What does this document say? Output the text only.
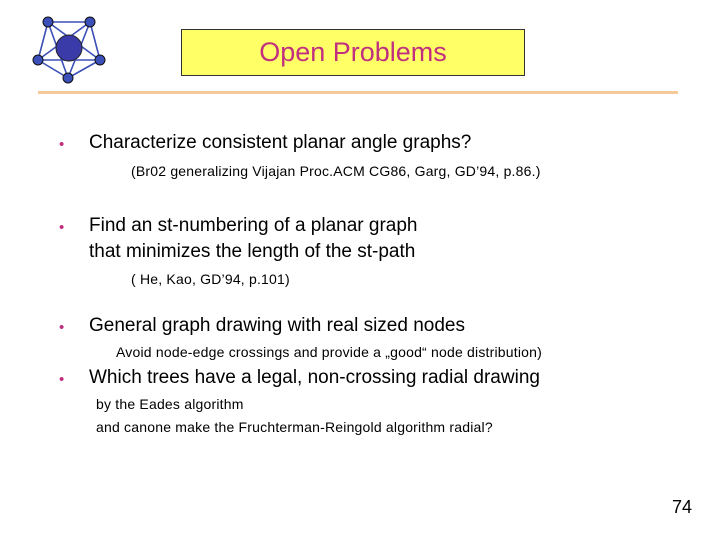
Open Problems
• Characterize consistent planar angle graphs?
(Br02 generalizing Vijajan Proc.ACM CG86, Garg, GD’94, p.86.)
• Find an st-numbering of a planar graph
that minimizes the length of the st-path
( He, Kao, GD’94, p.101)
• General graph drawing with real sized nodes
Avoid node-edge crossings and provide a „good“ node distribution)
• Which trees have a legal, non-crossing radial drawing
by the Eades algorithm
and canone make the Fruchterman-Reingold algorithm radial?
74
